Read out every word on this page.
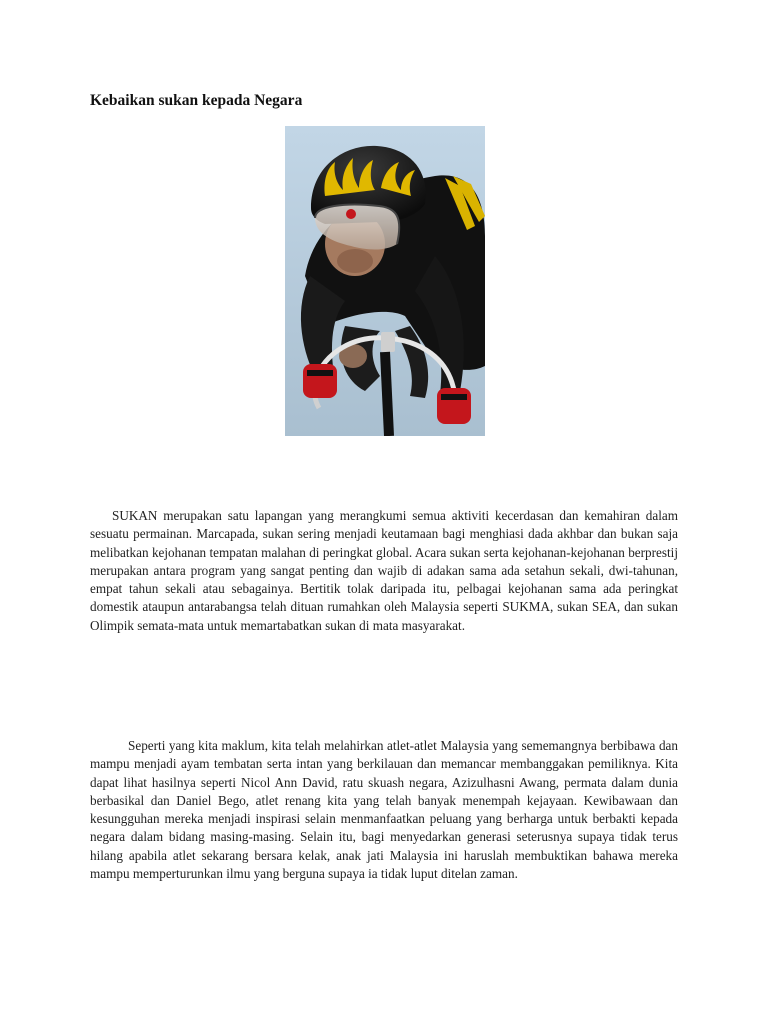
Kebaikan sukan kepada Negara

SUKAN merupakan satu lapangan yang merangkumi semua aktiviti kecerdasan dan kemahiran dalam sesuatu permainan. Marcapada, sukan sering menjadi keutamaan bagi menghiasi dada akhbar dan bukan saja melibatkan kejohanan tempatan malahan di peringkat global. Acara sukan serta kejohanan-kejohanan berprestij merupakan antara program yang sangat penting dan wajib di adakan sama ada setahun sekali, dwi-tahunan, empat tahun sekali atau sebagainya. Bertitik tolak daripada itu, pelbagai kejohanan sama ada peringkat domestik ataupun antarabangsa telah dituan rumahkan oleh Malaysia seperti SUKMA, sukan SEA, dan sukan Olimpik semata-mata untuk memartabatkan sukan di mata masyarakat.

Seperti yang kita maklum, kita telah melahirkan atlet-atlet Malaysia yang sememangnya berbibawa dan mampu menjadi ayam tembatan serta intan yang berkilauan dan memancar membanggakan pemiliknya. Kita dapat lihat hasilnya seperti Nicol Ann David, ratu skuash negara, Azizulhasni Awang, permata dalam dunia berbasikal dan Daniel Bego, atlet renang kita yang telah banyak menempah kejayaan. Kewibawaan dan kesungguhan mereka menjadi inspirasi selain menmanfaatkan peluang yang berharga untuk berbakti kepada negara dalam bidang masing-masing. Selain itu, bagi menyedarkan generasi seterusnya supaya tidak terus hilang apabila atlet sekarang bersara kelak, anak jati Malaysia ini haruslah membuktikan bahawa mereka mampu memperturunkan ilmu yang berguna supaya ia tidak luput ditelan zaman.
